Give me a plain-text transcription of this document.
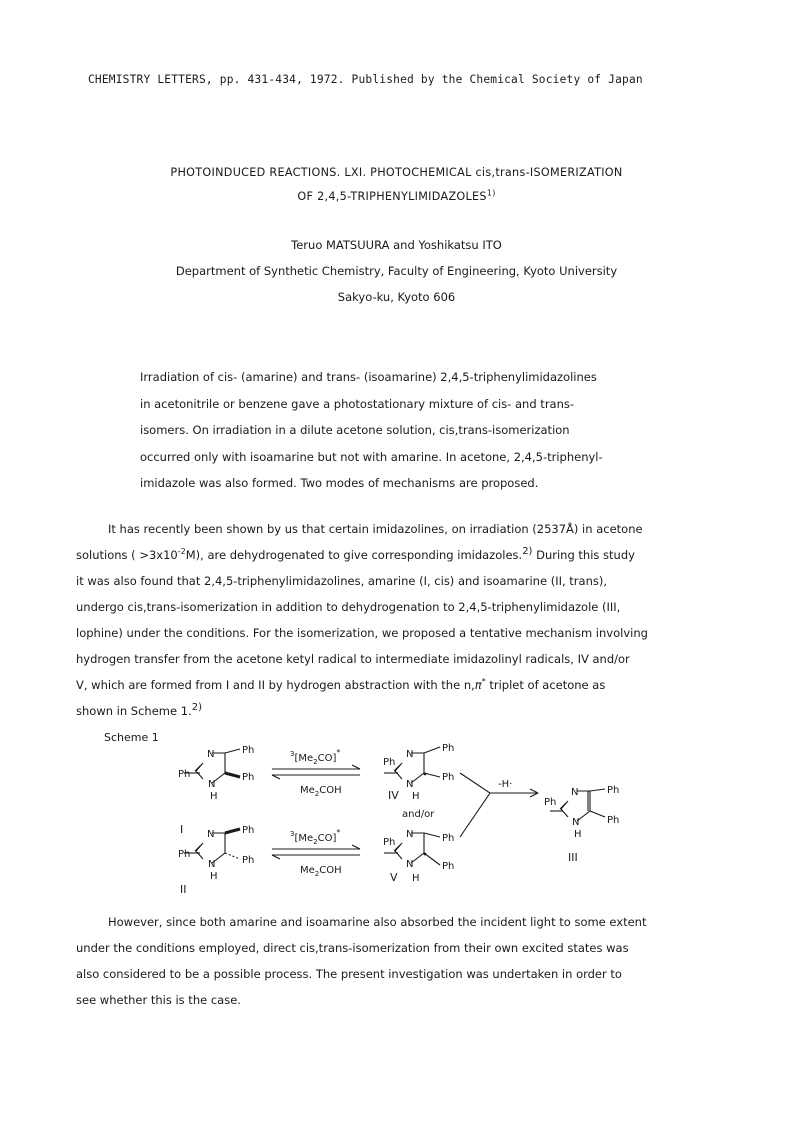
CHEMISTRY LETTERS, pp. 431-434, 1972. Published by the Chemical Society of Japan
PHOTOINDUCED REACTIONS. LXI. PHOTOCHEMICAL cis,trans-ISOMERIZATION
OF 2,4,5-TRIPHENYLIMIDAZOLES$^{1)}$
Teruo MATSUURA and Yoshikatsu ITO
Department of Synthetic Chemistry, Faculty of Engineering, Kyoto University
Sakyo-ku, Kyoto 606
Irradiation of cis- (amarine) and trans- (isoamarine) 2,4,5-triphenylimidazolines
in acetonitrile or benzene gave a photostationary mixture of cis- and trans-
isomers. On irradiation in a dilute acetone solution, cis,trans-isomerization
occurred only with isoamarine but not with amarine. In acetone, 2,4,5-triphenyl-
imidazole was also formed. Two modes of mechanisms are proposed.
It has recently been shown by us that certain imidazolines, on irradiation (2537Å) in acetone
solutions ( $>3x10^{-2}M$), are dehydrogenated to give corresponding imidazoles.$^{2)}$ During this study
it was also found that 2,4,5-triphenylimidazolines, amarine (I, cis) and isoamarine (II, trans),
undergo cis,trans-isomerization in addition to dehydrogenation to 2,4,5-triphenylimidazole (III,
lophine) under the conditions. For the isomerization, we proposed a tentative mechanism involving
hydrogen transfer from the acetone ketyl radical to intermediate imidazolinyl radicals, IV and/or
V, which are formed from I and II by hydrogen abstraction with the n,π* triplet of acetone as
shown in Scheme 1.$^{2)}$
Scheme 1
Ph
N
N
H
Ph
Ph
I
Ph
N
N
H
Ph
Ph
II
$^3[Me_2CO]^*$
$Me_2COH$
$^3[Me_2CO]^*$
$Me_2COH$
Ph
N
N
Ph
Ph
IV H
and/or
Ph
N
N
Ph
Ph
V H
-H·
Ph
N
N
H
Ph
Ph
III
However, since both amarine and isoamarine also absorbed the incident light to some extent
under the conditions employed, direct cis,trans-isomerization from their own excited states was
also considered to be a possible process. The present investigation was undertaken in order to
see whether this is the case.
